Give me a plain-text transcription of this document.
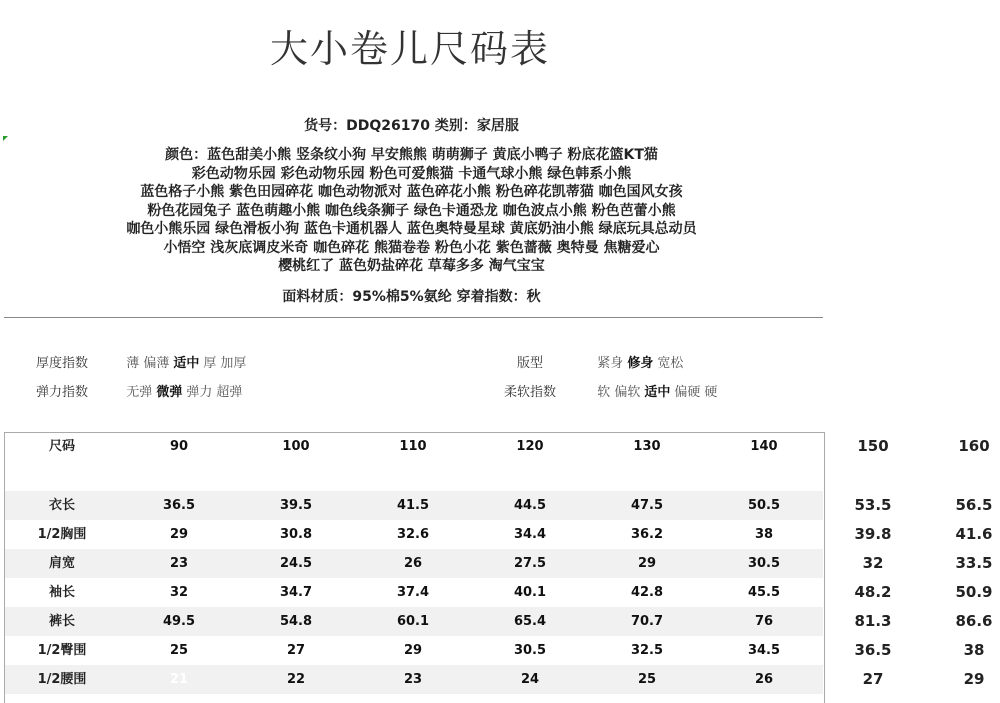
大小卷儿尺码表
货号：DDQ26170 类别：家居服
颜色：蓝色甜美小熊 竖条纹小狗 早安熊熊 萌萌狮子 黄底小鸭子 粉底花篮KT猫
彩色动物乐园 彩色动物乐园 粉色可爱熊猫 卡通气球小熊 绿色韩系小熊
蓝色格子小熊 紫色田园碎花 咖色动物派对 蓝色碎花小熊 粉色碎花凯蒂猫 咖色国风女孩
粉色花园兔子 蓝色萌趣小熊 咖色线条狮子 绿色卡通恐龙 咖色波点小熊 粉色芭蕾小熊
咖色小熊乐园 绿色滑板小狗 蓝色卡通机器人 蓝色奥特曼星球 黄底奶油小熊 绿底玩具总动员
小悟空 浅灰底调皮米奇 咖色碎花 熊猫卷卷 粉色小花 紫色蔷薇 奥特曼 焦糖爱心
樱桃红了 蓝色奶盐碎花 草莓多多 淘气宝宝
面料材质：95%棉5%氨纶 穿着指数：秋
厚度指数	薄 偏薄 适中 厚 加厚
弹力指数	无弹 微弹 弹力 超弹
版型	紧身 修身 宽松
柔软指数	软 偏软 适中 偏硬 硬
尺码	90	100	110	120	130	140	150	160
衣长	36.5	39.5	41.5	44.5	47.5	50.5	53.5	56.5
1/2胸围	29	30.8	32.6	34.4	36.2	38	39.8	41.6
肩宽	23	24.5	26	27.5	29	30.5	32	33.5
袖长	32	34.7	37.4	40.1	42.8	45.5	48.2	50.9
裤长	49.5	54.8	60.1	65.4	70.7	76	81.3	86.6
1/2臀围	25	27	29	30.5	32.5	34.5	36.5	38
1/2腰围	21	22	23	24	25	26	27	29
